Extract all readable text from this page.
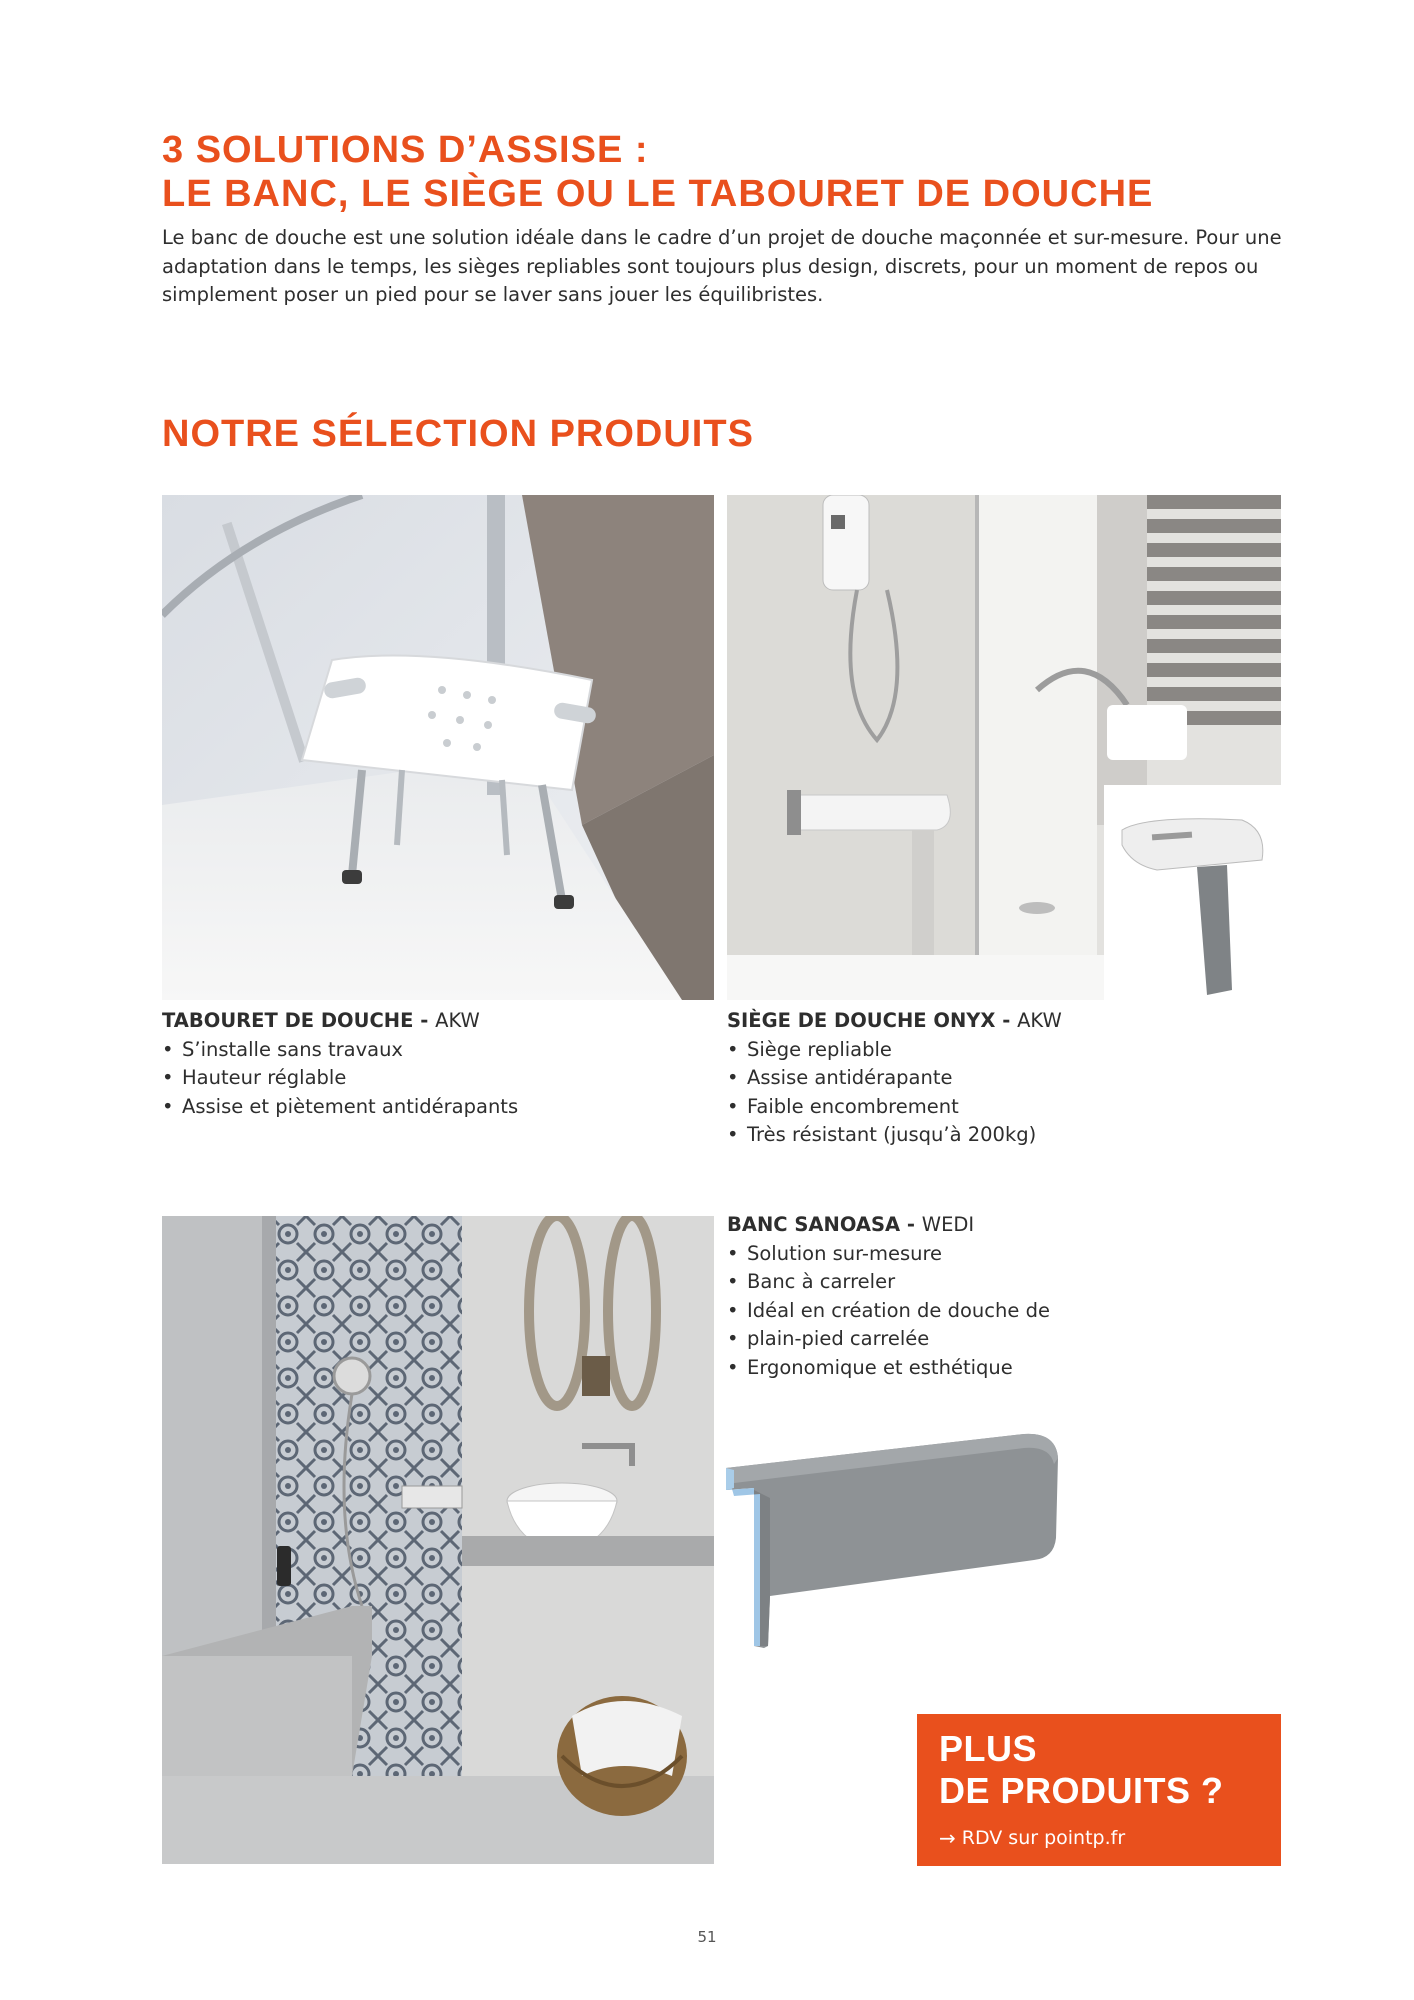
3 SOLUTIONS D’ASSISE :
LE BANC, LE SIÈGE OU LE TABOURET DE DOUCHE

Le banc de douche est une solution idéale dans le cadre d’un projet de douche maçonnée et sur-mesure. Pour une adaptation dans le temps, les sièges repliables sont toujours plus design, discrets, pour un moment de repos ou simplement poser un pied pour se laver sans jouer les équilibristes.

NOTRE SÉLECTION PRODUITS
TABOURET DE DOUCHE - AKW
• S’installe sans travaux
• Hauteur réglable
• Assise et piètement antidérapants
SIÈGE DE DOUCHE ONYX - AKW
• Siège repliable
• Assise antidérapante
• Faible encombrement
• Très résistant (jusqu’à 200kg)
BANC SANOASA - WEDI
• Solution sur-mesure
• Banc à carreler
• Idéal en création de douche de
• plain-pied carrelée
• Ergonomique et esthétique
PLUS
DE PRODUITS ?
→ RDV sur pointp.fr
51
